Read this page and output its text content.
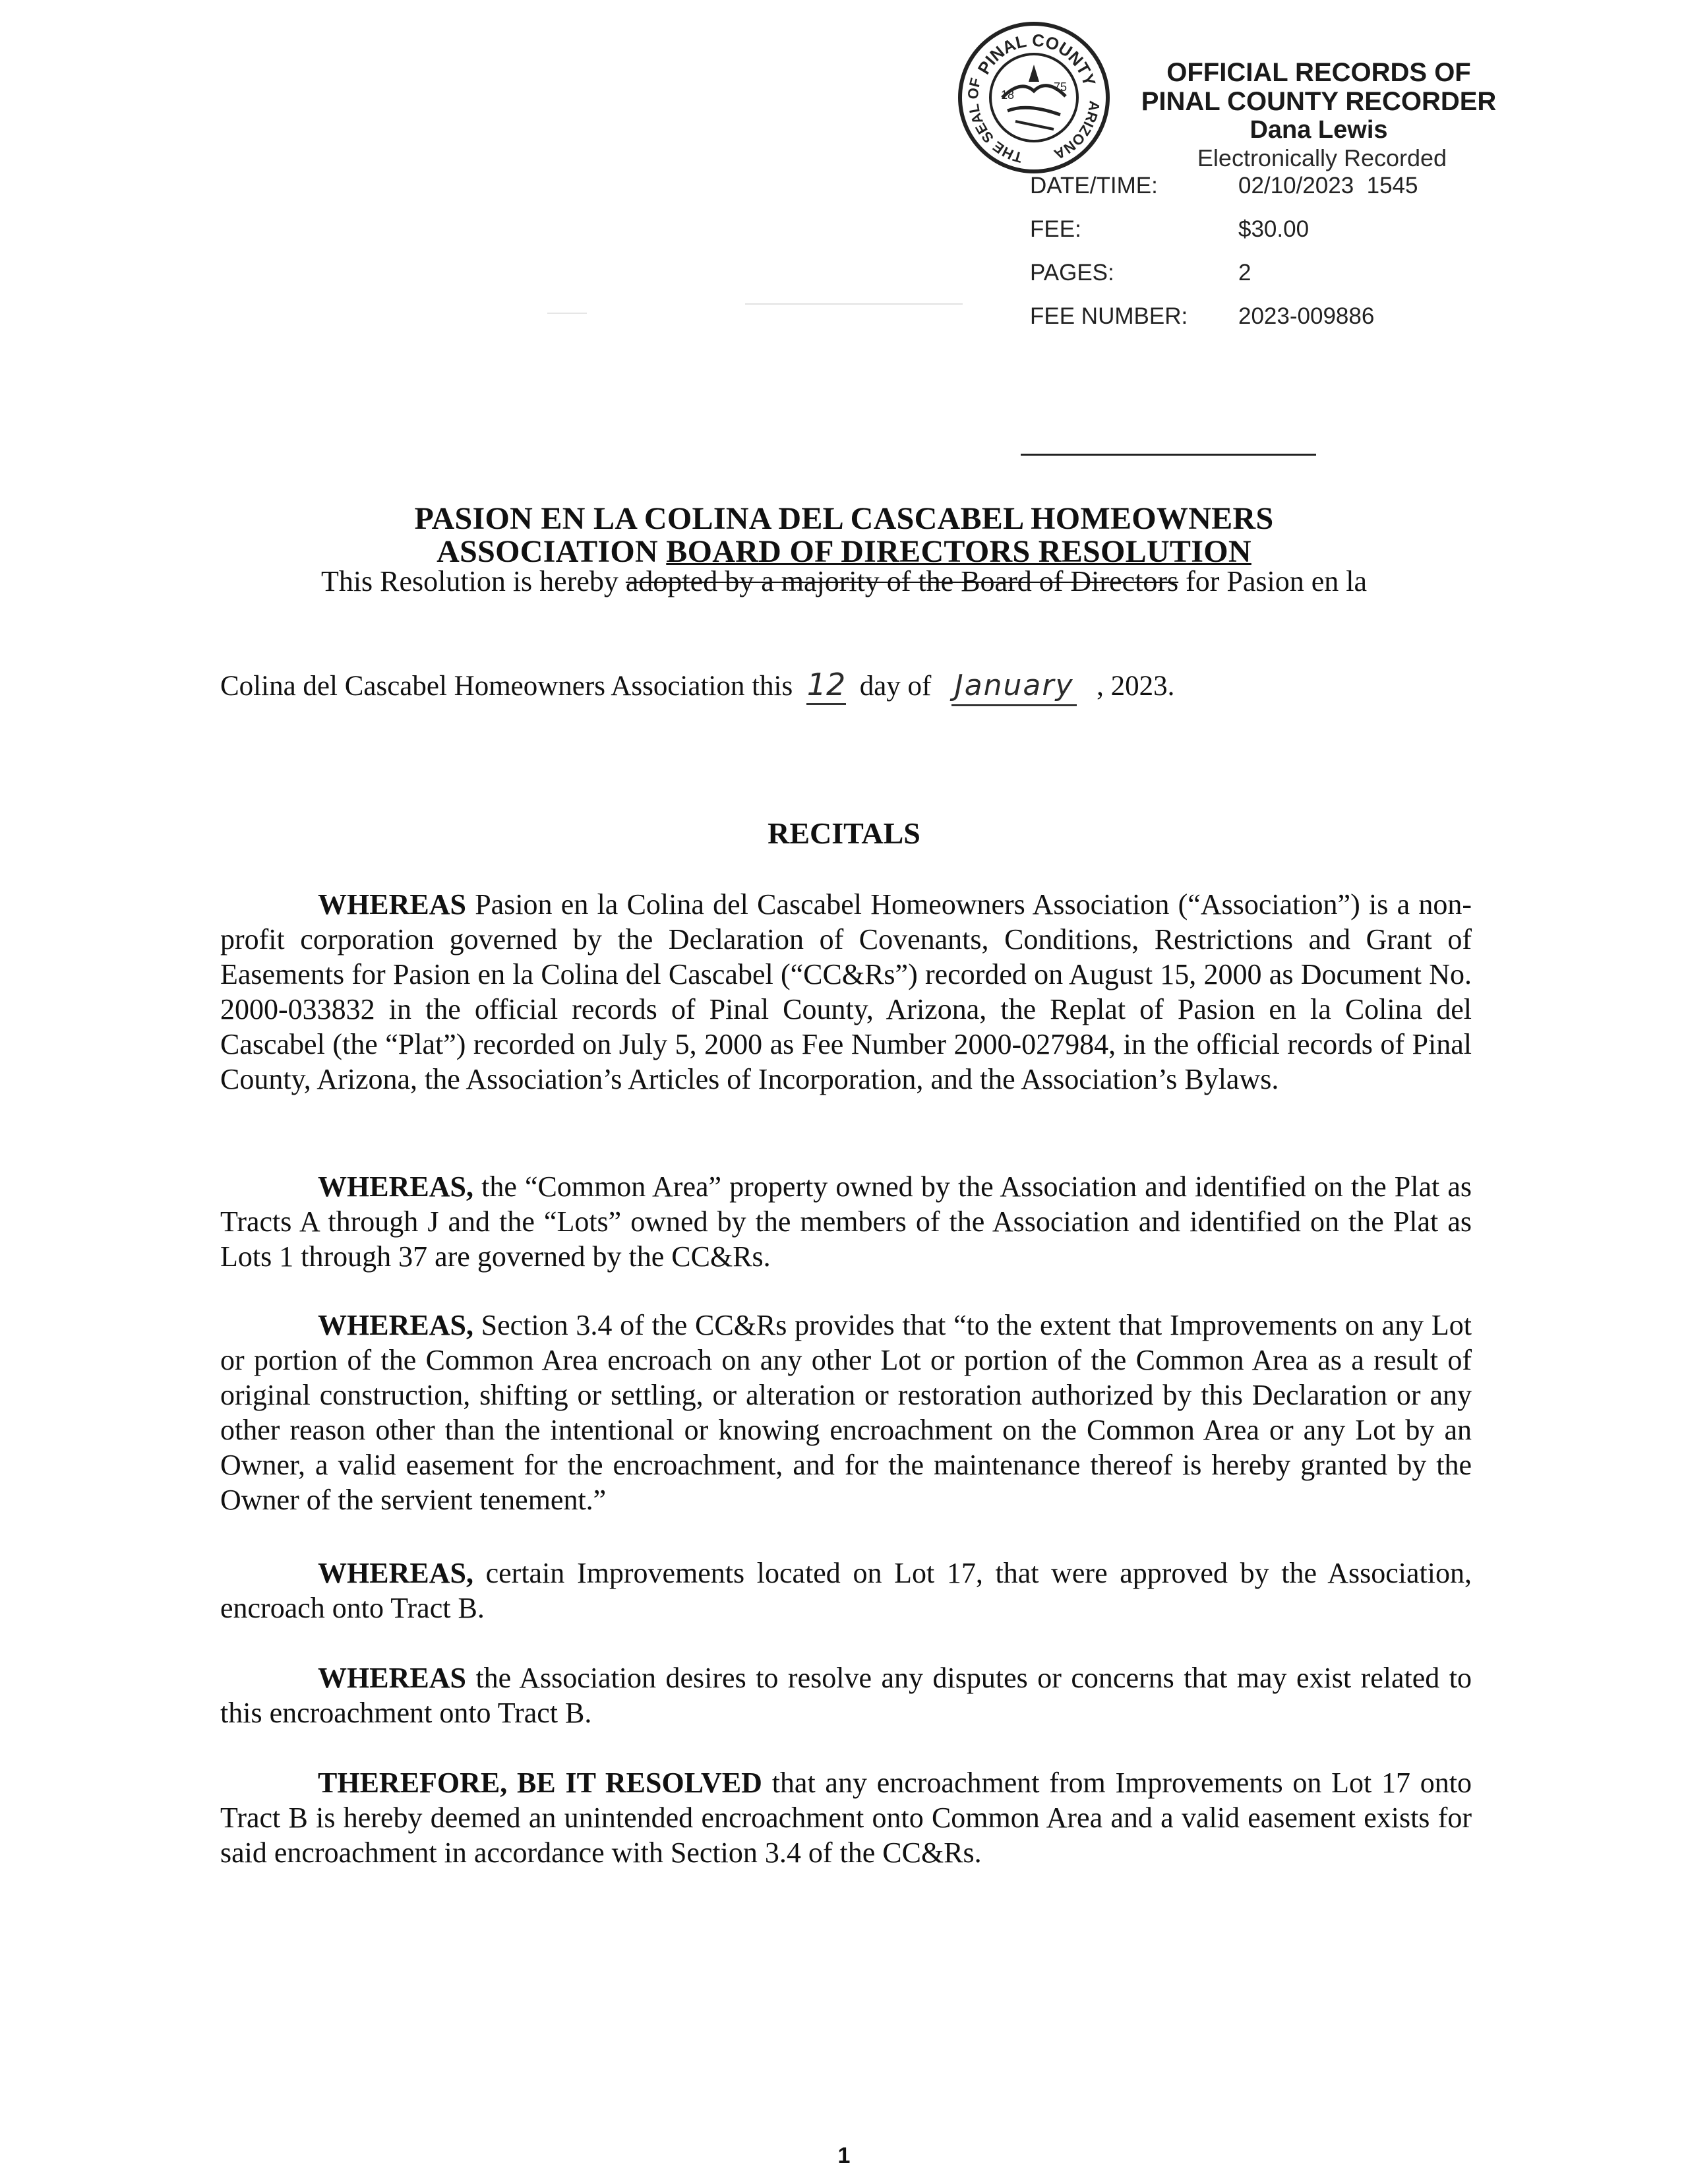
PINAL COUNTY
THE SEAL OF
ARIZONA
18
75	OFFICIAL RECORDS OF
PINAL COUNTY RECORDER
Dana Lewis
Electronically Recorded
DATE/TIME:	02/10/2023  1545
FEE:	$30.00
PAGES:	2
FEE NUMBER:	2023-009886
PASION EN LA COLINA DEL CASCABEL HOMEOWNERS
ASSOCIATION BOARD OF DIRECTORS RESOLUTION
This Resolution is hereby adopted by a majority of the Board of Directors for Pasion en la
Colina del Cascabel Homeowners Association this 12 day of January , 2023.
RECITALS
WHEREAS Pasion en la Colina del Cascabel Homeowners Association (“Association”) is a non-profit corporation governed by the Declaration of Covenants, Conditions, Restrictions and Grant of Easements for Pasion en la Colina del Cascabel (“CC&Rs”) recorded on August 15, 2000 as Document No. 2000-033832 in the official records of Pinal County, Arizona, the Replat of Pasion en la Colina del Cascabel (the “Plat”) recorded on July 5, 2000 as Fee Number 2000-027984, in the official records of Pinal County, Arizona, the Association’s Articles of Incorporation, and the Association’s Bylaws.
WHEREAS, the “Common Area” property owned by the Association and identified on the Plat as Tracts A through J and the “Lots” owned by the members of the Association and identified on the Plat as Lots 1 through 37 are governed by the CC&Rs.
WHEREAS, Section 3.4 of the CC&Rs provides that “to the extent that Improvements on any Lot or portion of the Common Area encroach on any other Lot or portion of the Common Area as a result of original construction, shifting or settling, or alteration or restoration authorized by this Declaration or any other reason other than the intentional or knowing encroachment on the Common Area or any Lot by an Owner, a valid easement for the encroachment, and for the maintenance thereof is hereby granted by the Owner of the servient tenement.”
WHEREAS, certain Improvements located on Lot 17, that were approved by the Association, encroach onto Tract B.
WHEREAS the Association desires to resolve any disputes or concerns that may exist related to this encroachment onto Tract B.
THEREFORE, BE IT RESOLVED that any encroachment from Improvements on Lot 17 onto Tract B is hereby deemed an unintended encroachment onto Common Area and a valid easement exists for said encroachment in accordance with Section 3.4 of the CC&Rs.
1
